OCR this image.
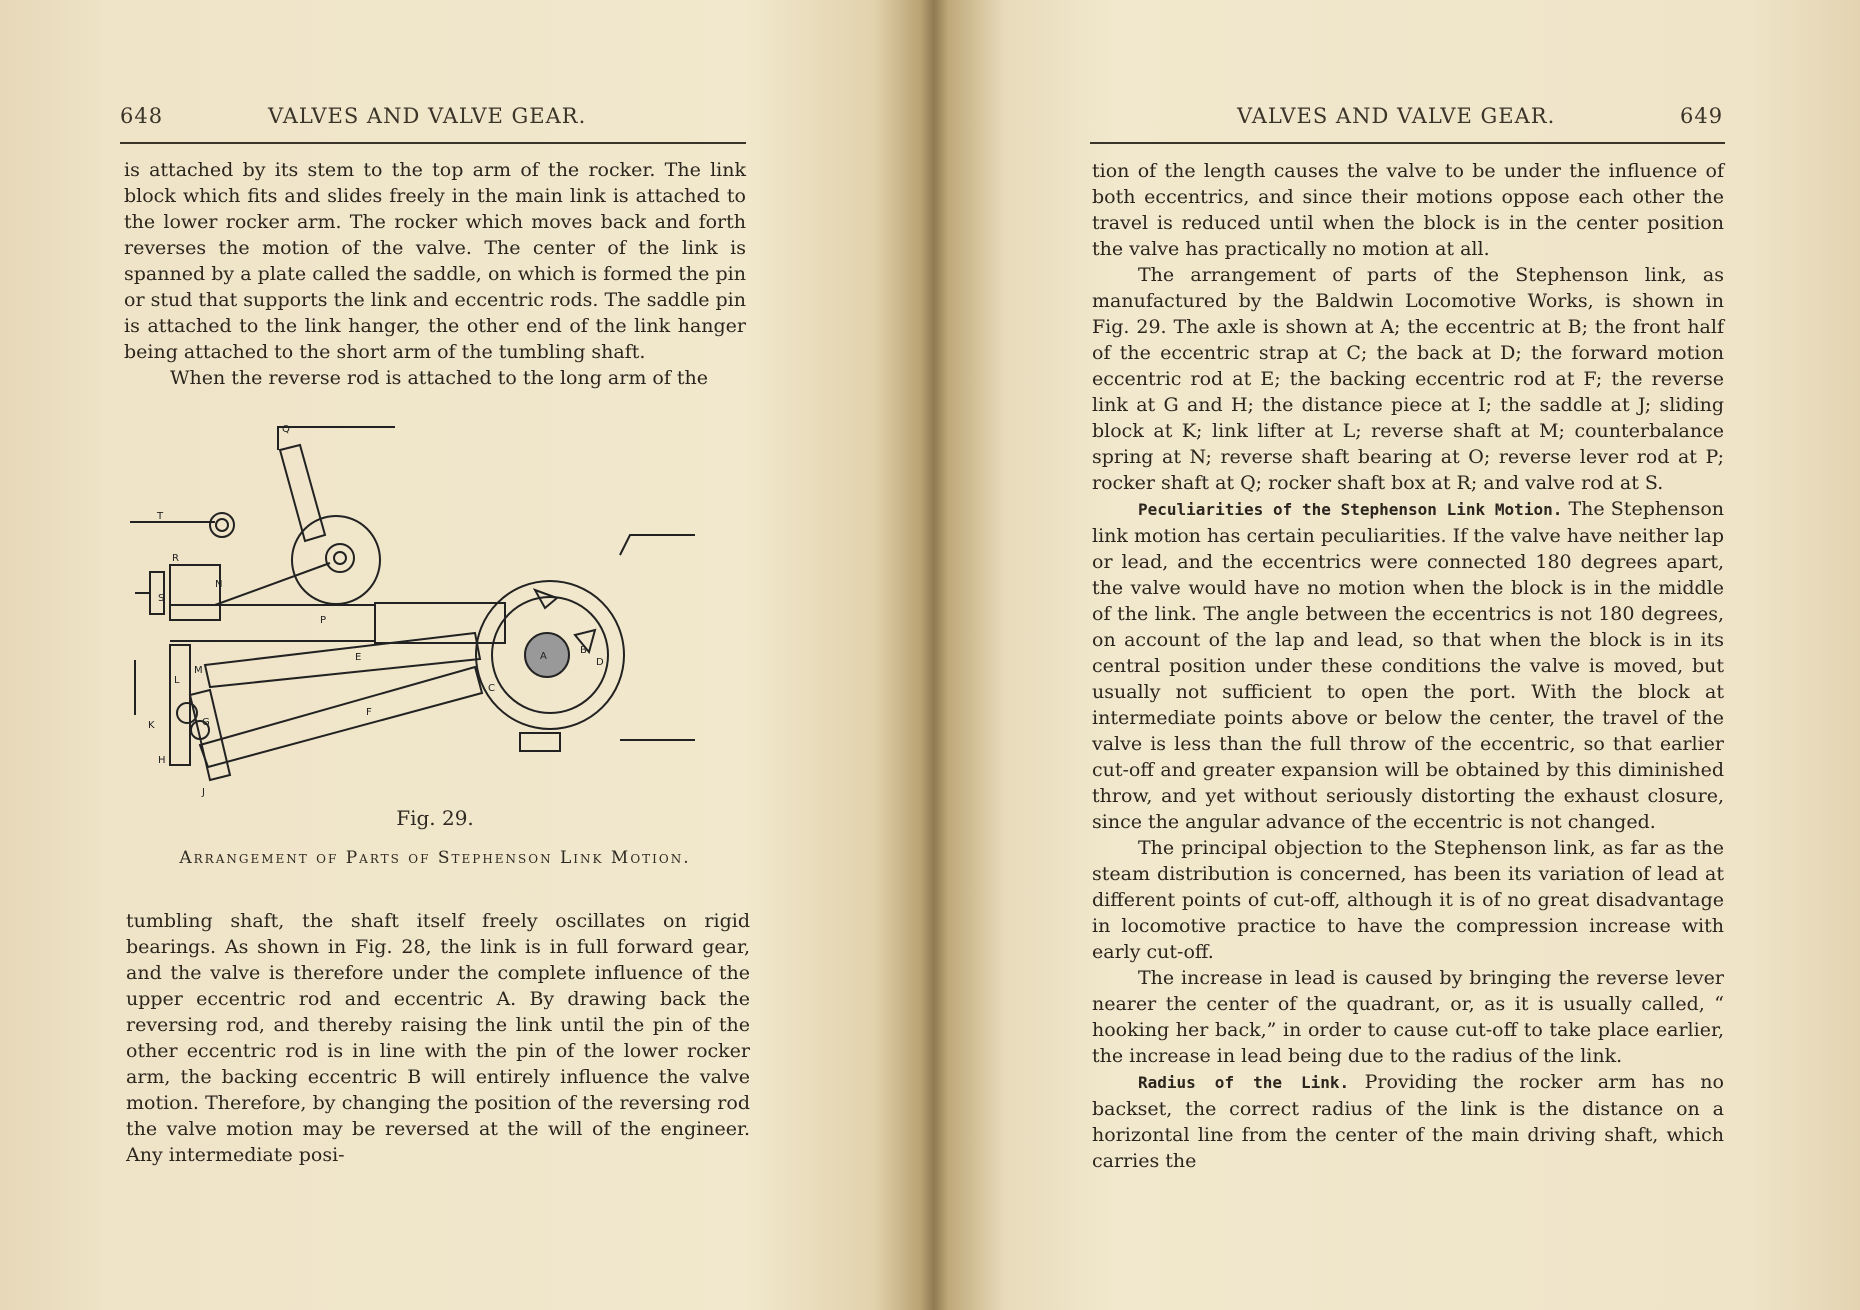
648	VALVES AND VALVE GEAR.

is attached by its stem to the top arm of the rocker. The link block which fits and slides freely in the main link is attached to the lower rocker arm. The rocker which moves back and forth reverses the motion of the valve. The center of the link is spanned by a plate called the saddle, on which is formed the pin or stud that supports the link and eccentric rods. The saddle pin is attached to the link hanger, the other end of the link hanger being attached to the short arm of the tumbling shaft.

When the reverse rod is attached to the long arm of the

Q
T
R
S
N
P
E
F
A
B
C
D
M
L
K	G
H
J
Fig. 29.
Arrangement of Parts of Stephenson Link Motion.

tumbling shaft, the shaft itself freely oscillates on rigid bearings. As shown in Fig. 28, the link is in full forward gear, and the valve is therefore under the complete influence of the upper eccentric rod and eccentric A. By drawing back the reversing rod, and thereby raising the link until the pin of the other eccentric rod is in line with the pin of the lower rocker arm, the backing eccentric B will entirely influence the valve motion. Therefore, by changing the position of the reversing rod the valve motion may be reversed at the will of the engineer. Any intermediate posi-

VALVES AND VALVE GEAR.	649

tion of the length causes the valve to be under the influence of both eccentrics, and since their motions oppose each other the travel is reduced until when the block is in the center position the valve has practically no motion at all.

The arrangement of parts of the Stephenson link, as manufactured by the Baldwin Locomotive Works, is shown in Fig. 29. The axle is shown at A; the eccentric at B; the front half of the eccentric strap at C; the back at D; the forward motion eccentric rod at E; the backing eccentric rod at F; the reverse link at G and H; the distance piece at I; the saddle at J; sliding block at K; link lifter at L; reverse shaft at M; counterbalance spring at N; reverse shaft bearing at O; reverse lever rod at P; rocker shaft at Q; rocker shaft box at R; and valve rod at S.

Peculiarities of the Stephenson Link Motion. The Stephenson link motion has certain peculiarities. If the valve have neither lap or lead, and the eccentrics were connected 180 degrees apart, the valve would have no motion when the block is in the middle of the link. The angle between the eccentrics is not 180 degrees, on account of the lap and lead, so that when the block is in its central position under these conditions the valve is moved, but usually not sufficient to open the port. With the block at intermediate points above or below the center, the travel of the valve is less than the full throw of the eccentric, so that earlier cut-off and greater expansion will be obtained by this diminished throw, and yet without seriously distorting the exhaust closure, since the angular advance of the eccentric is not changed.

The principal objection to the Stephenson link, as far as the steam distribution is concerned, has been its variation of lead at different points of cut-off, although it is of no great disadvantage in locomotive practice to have the compression increase with early cut-off.

The increase in lead is caused by bringing the reverse lever nearer the center of the quadrant, or, as it is usually called, “ hooking her back,” in order to cause cut-off to take place earlier, the increase in lead being due to the radius of the link.

Radius of the Link. Providing the rocker arm has no backset, the correct radius of the link is the distance on a horizontal line from the center of the main driving shaft, which carries the
